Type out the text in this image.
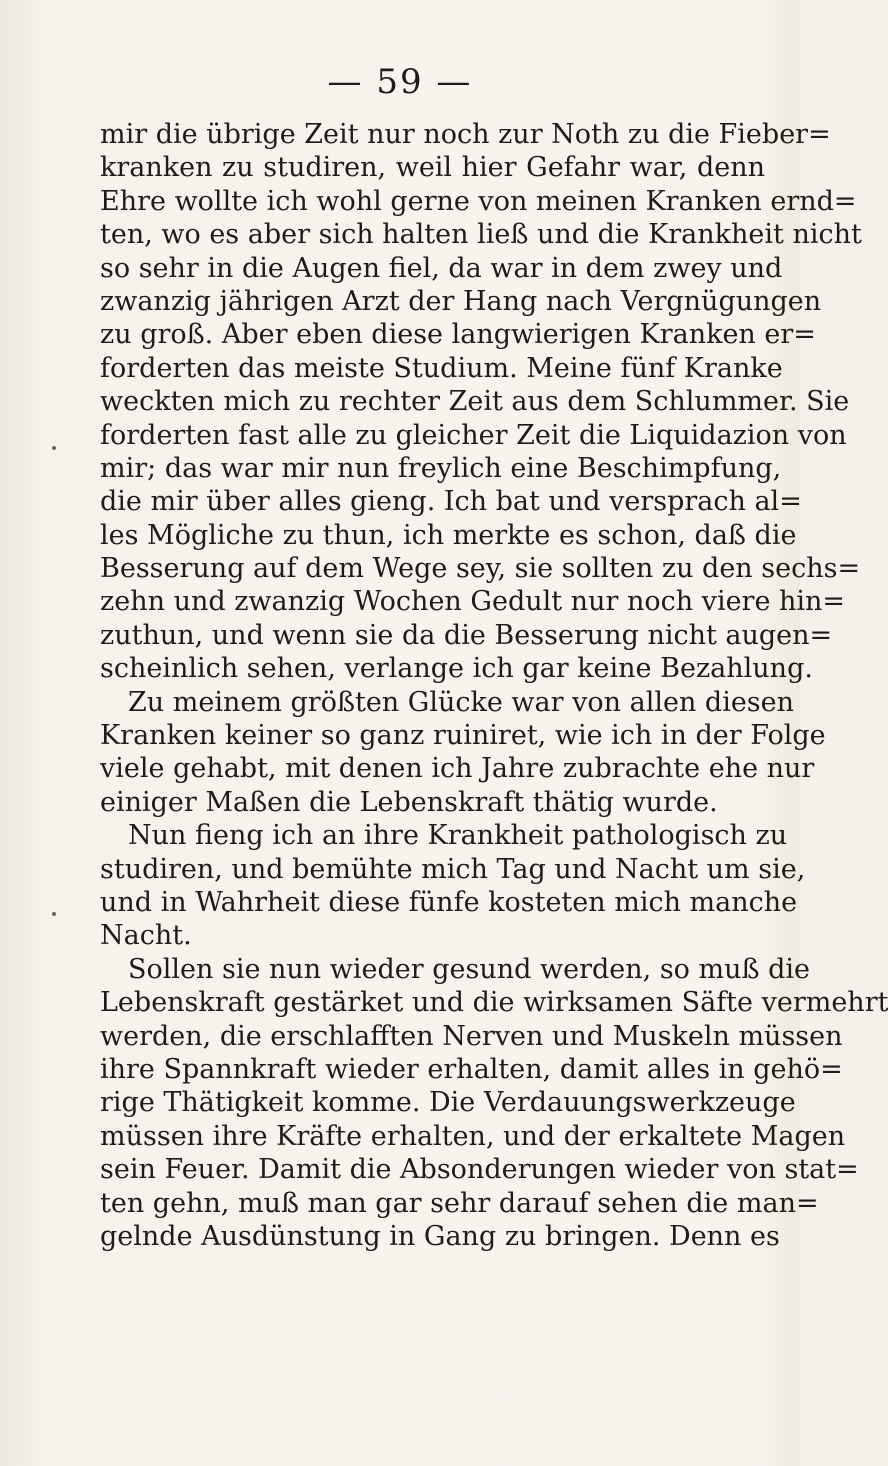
— 59 —
mir die übrige Zeit nur noch zur Noth zu die Fieber=
kranken zu studiren, weil hier Gefahr war, denn
Ehre wollte ich wohl gerne von meinen Kranken ernd=
ten, wo es aber sich halten ließ und die Krankheit nicht
so sehr in die Augen fiel, da war in dem zwey und
zwanzig jährigen Arzt der Hang nach Vergnügungen
zu groß. Aber eben diese langwierigen Kranken er=
forderten das meiste Studium. Meine fünf Kranke
weckten mich zu rechter Zeit aus dem Schlummer. Sie
forderten fast alle zu gleicher Zeit die Liquidazion von
mir; das war mir nun freylich eine Beschimpfung,
die mir über alles gieng. Ich bat und versprach al=
les Mögliche zu thun, ich merkte es schon, daß die
Besserung auf dem Wege sey, sie sollten zu den sechs=
zehn und zwanzig Wochen Gedult nur noch viere hin=
zuthun, und wenn sie da die Besserung nicht augen=
scheinlich sehen, verlange ich gar keine Bezahlung.
Zu meinem größten Glücke war von allen diesen
Kranken keiner so ganz ruiniret, wie ich in der Folge
viele gehabt, mit denen ich Jahre zubrachte ehe nur
einiger Maßen die Lebenskraft thätig wurde.
Nun fieng ich an ihre Krankheit pathologisch zu
studiren, und bemühte mich Tag und Nacht um sie,
und in Wahrheit diese fünfe kosteten mich manche
Nacht.
Sollen sie nun wieder gesund werden, so muß die
Lebenskraft gestärket und die wirksamen Säfte vermehrt
werden, die erschlafften Nerven und Muskeln müssen
ihre Spannkraft wieder erhalten, damit alles in gehö=
rige Thätigkeit komme. Die Verdauungswerkzeuge
müssen ihre Kräfte erhalten, und der erkaltete Magen
sein Feuer. Damit die Absonderungen wieder von stat=
ten gehn, muß man gar sehr darauf sehen die man=
gelnde Ausdünstung in Gang zu bringen. Denn es
